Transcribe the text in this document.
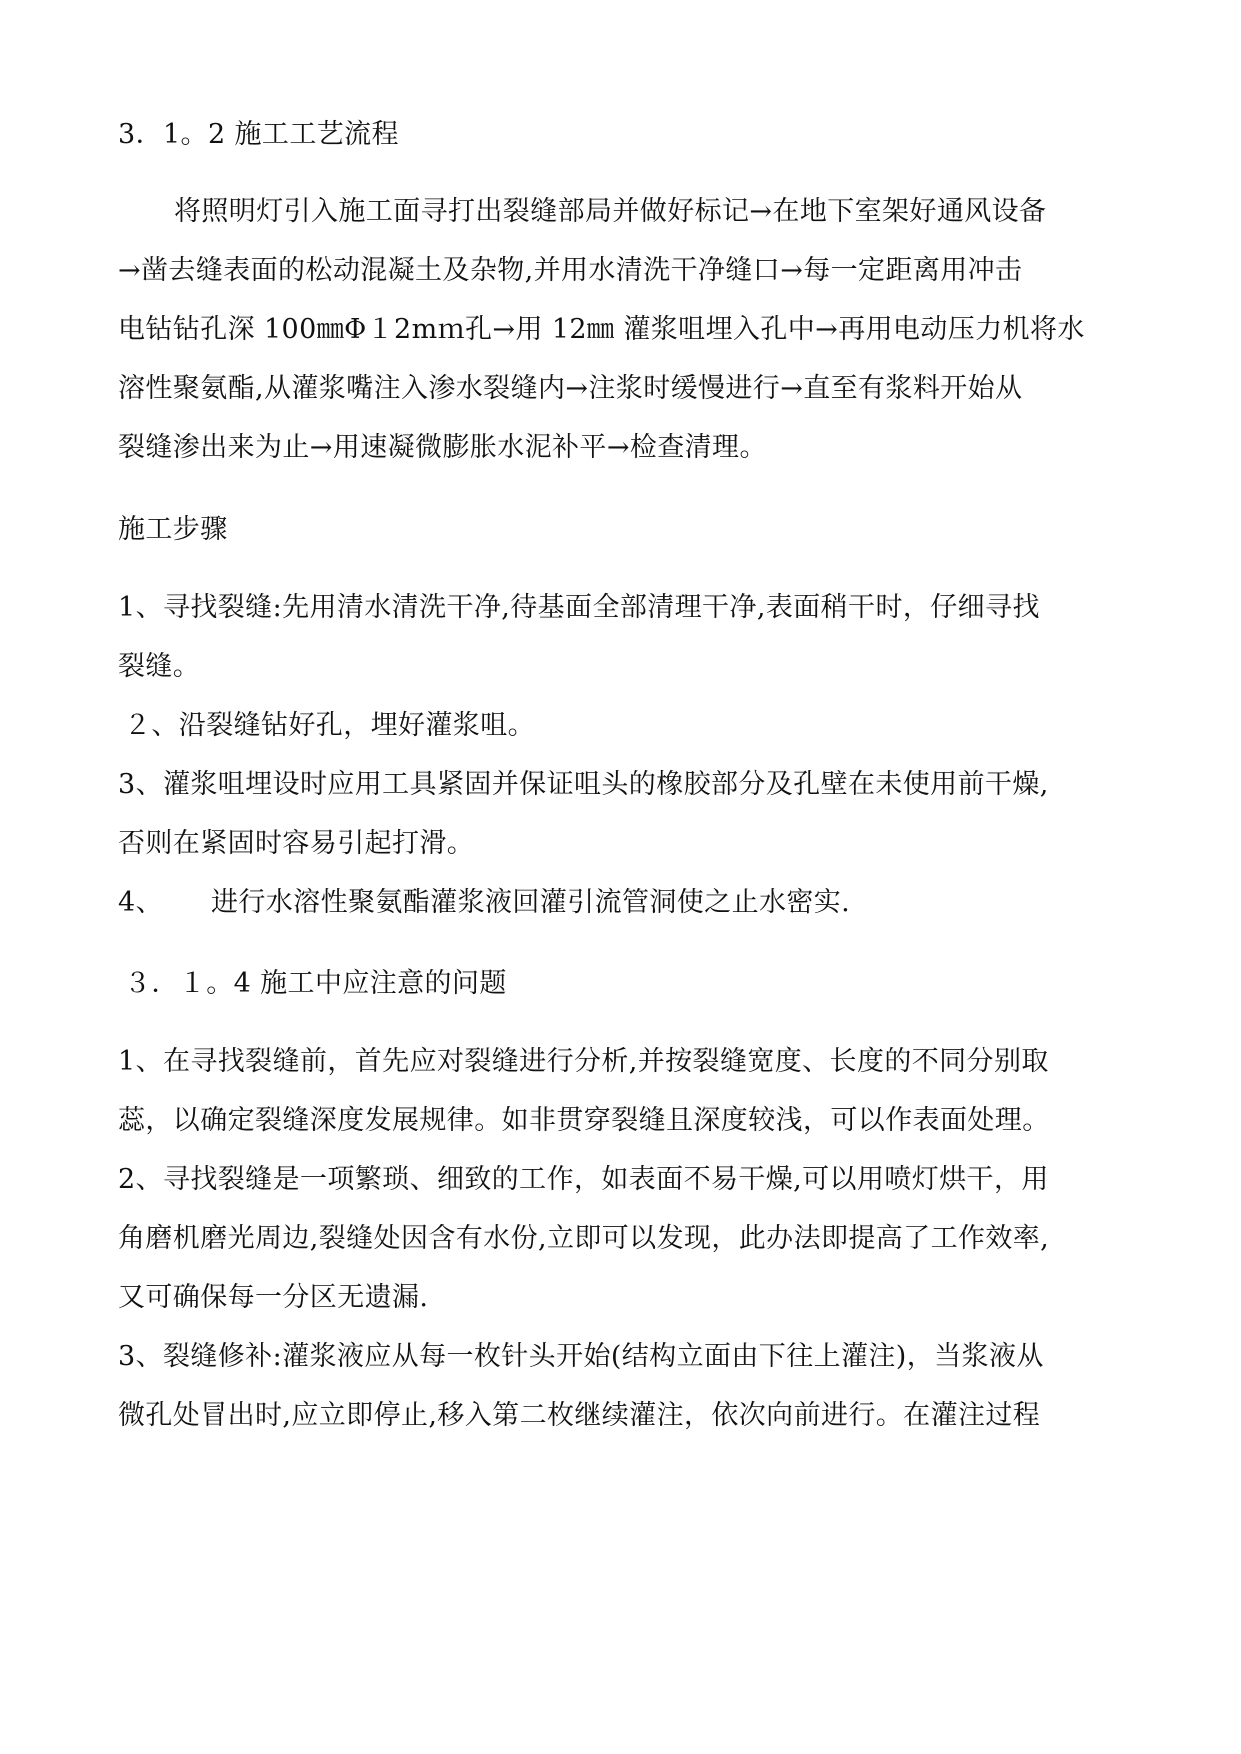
3．1。2 施工工艺流程
将照明灯引入施工面寻打出裂缝部局并做好标记→在地下室架好通风设备
→凿去缝表面的松动混凝土及杂物,并用水清洗干净缝口→每一定距离用冲击
电钻钻孔深 100㎜Φ１2mｍ孔→用 12㎜ 灌浆咀埋入孔中→再用电动压力机将水
溶性聚氨酯,从灌浆嘴注入渗水裂缝内→注浆时缓慢进行→直至有浆料开始从
裂缝渗出来为止→用速凝微膨胀水泥补平→检查清理。
施工步骤
1、寻找裂缝:先用清水清洗干净,待基面全部清理干净,表面稍干时，仔细寻找
裂缝。
２、沿裂缝钻好孔，埋好灌浆咀。
3、灌浆咀埋设时应用工具紧固并保证咀头的橡胶部分及孔壁在未使用前干燥,
否则在紧固时容易引起打滑。
4、 进行水溶性聚氨酯灌浆液回灌引流管洞使之止水密实.
３．１。4 施工中应注意的问题
1、在寻找裂缝前，首先应对裂缝进行分析,并按裂缝宽度、长度的不同分别取
蕊，以确定裂缝深度发展规律。如非贯穿裂缝且深度较浅，可以作表面处理。
2、寻找裂缝是一项繁琐、细致的工作，如表面不易干燥,可以用喷灯烘干，用
角磨机磨光周边,裂缝处因含有水份,立即可以发现，此办法即提高了工作效率,
又可确保每一分区无遗漏.
3、裂缝修补:灌浆液应从每一枚针头开始(结构立面由下往上灌注)，当浆液从
微孔处冒出时,应立即停止,移入第二枚继续灌注，依次向前进行。在灌注过程
